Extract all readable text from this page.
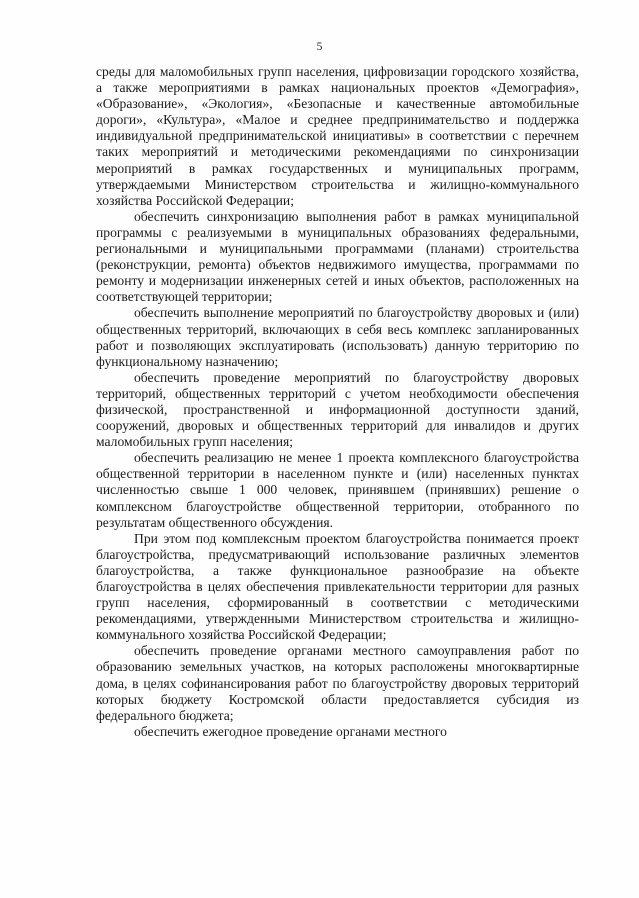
5

среды для маломобильных групп населения, цифровизации городского хозяйства, а также мероприятиями в рамках национальных проектов «Демография», «Образование», «Экология», «Безопасные и качественные автомобильные дороги», «Культура», «Малое и среднее предпринимательство и поддержка индивидуальной предпринимательской инициативы» в соответствии с перечнем таких мероприятий и методическими рекомендациями по синхронизации мероприятий в рамках государственных и муниципальных программ, утверждаемыми Министерством строительства и жилищно-коммунального хозяйства Российской Федерации;

обеспечить синхронизацию выполнения работ в рамках муниципальной программы с реализуемыми в муниципальных образованиях федеральными, региональными и муниципальными программами (планами) строительства (реконструкции, ремонта) объектов недвижимого имущества, программами по ремонту и модернизации инженерных сетей и иных объектов, расположенных на соответствующей территории;

обеспечить выполнение мероприятий по благоустройству дворовых и (или) общественных территорий, включающих в себя весь комплекс запланированных работ и позволяющих эксплуатировать (использовать) данную территорию по функциональному назначению;

обеспечить проведение мероприятий по благоустройству дворовых территорий, общественных территорий с учетом необходимости обеспечения физической, пространственной и информационной доступности зданий, сооружений, дворовых и общественных территорий для инвалидов и других маломобильных групп населения;

обеспечить реализацию не менее 1 проекта комплексного благоустройства общественной территории в населенном пункте и (или) населенных пунктах численностью свыше 1 000 человек, принявшем (принявших) решение о комплексном благоустройстве общественной территории, отобранного по результатам общественного обсуждения.

При этом под комплексным проектом благоустройства понимается проект благоустройства, предусматривающий использование различных элементов благоустройства, а также функциональное разнообразие на объекте благоустройства в целях обеспечения привлекательности территории для разных групп населения, сформированный в соответствии с методическими рекомендациями, утвержденными Министерством строительства и жилищно-коммунального хозяйства Российской Федерации;

обеспечить проведение органами местного самоуправления работ по образованию земельных участков, на которых расположены многоквартирные дома, в целях софинансирования работ по благоустройству дворовых территорий которых бюджету Костромской области предоставляется субсидия из федерального бюджета;

обеспечить ежегодное проведение органами местного
